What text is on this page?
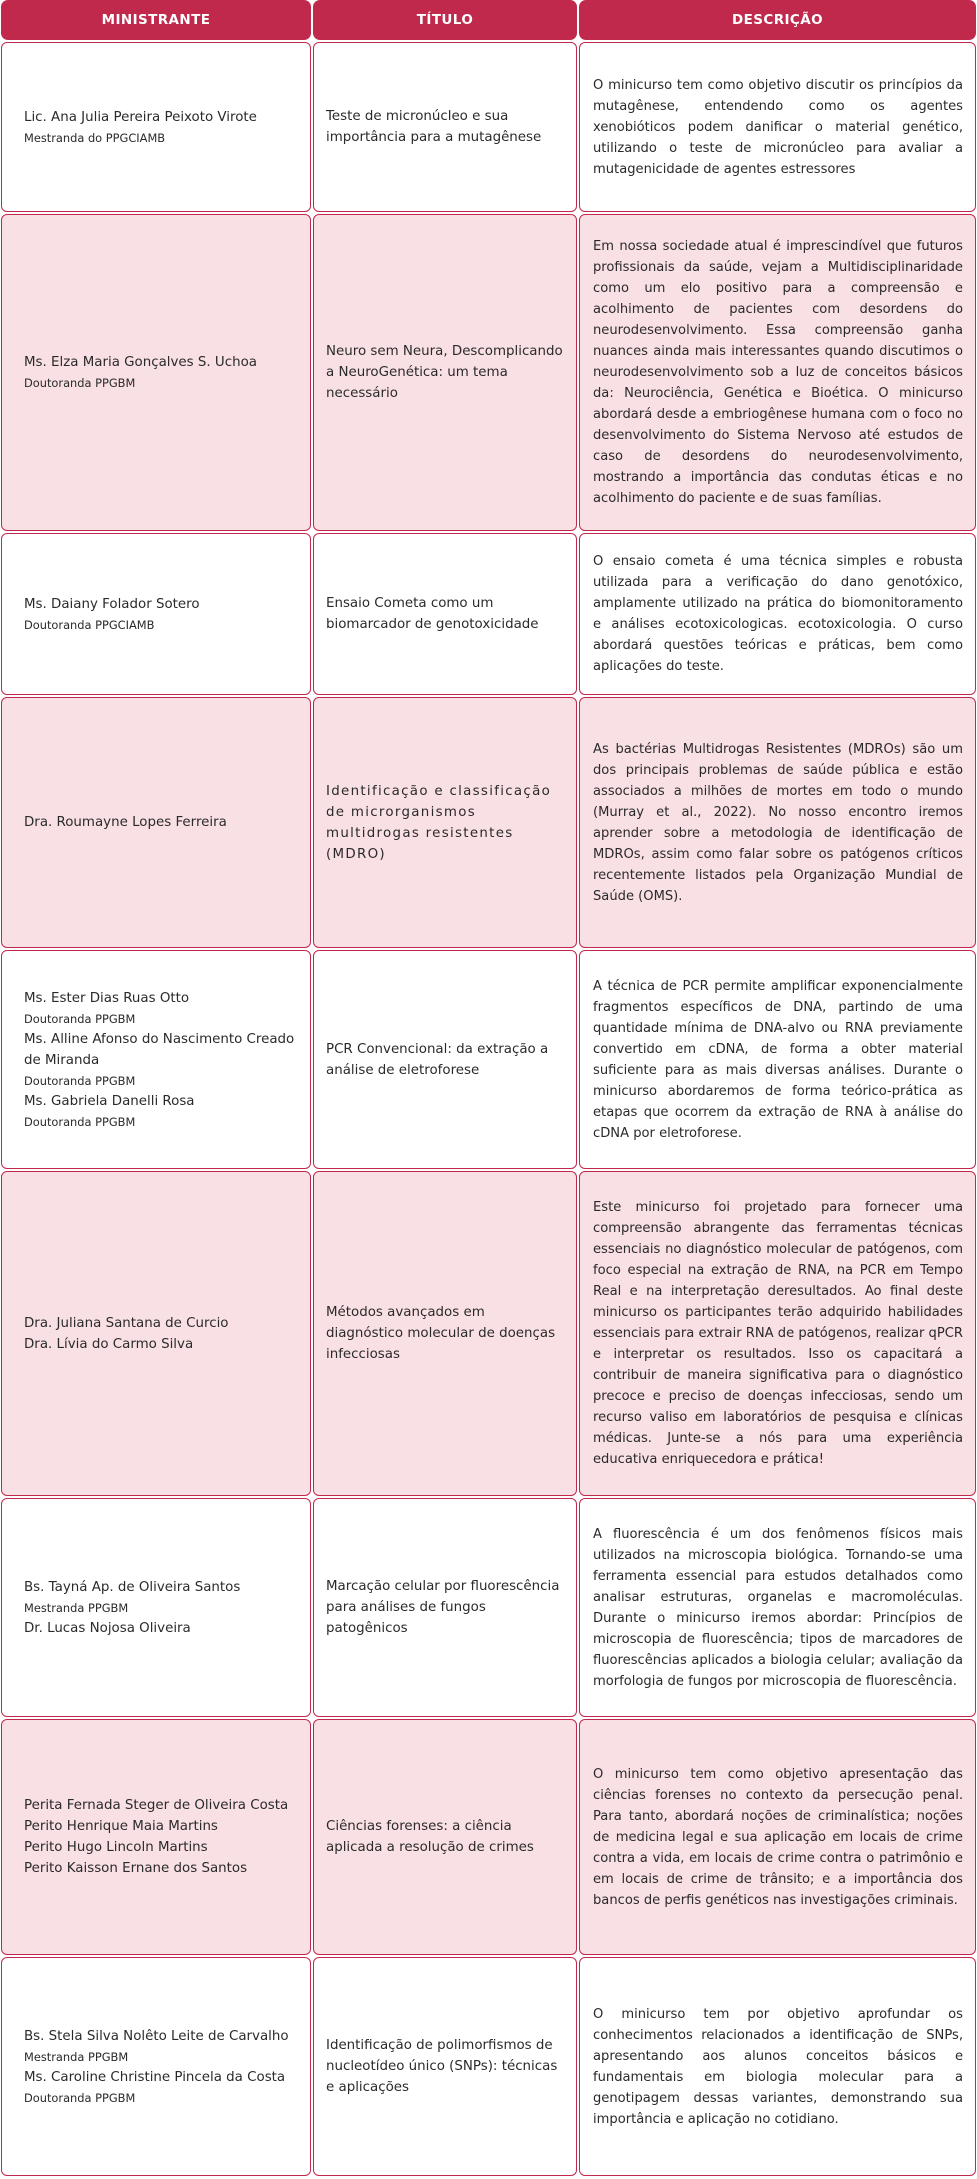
MINISTRANTE	TÍTULO	DESCRIÇÃO
Lic. Ana Julia Pereira Peixoto Virote
Mestranda do PPGCIAMB
Teste de micronúcleo e sua importância para a mutagênese
O minicurso tem como objetivo discutir os princípios da mutagênese, entendendo como os agentes xenobióticos podem danificar o material genético, utilizando o teste de micronúcleo para avaliar a mutagenicidade de agentes estressores
Ms. Elza Maria Gonçalves S. Uchoa
Doutoranda PPGBM
Neuro sem Neura, Descomplicando a NeuroGenética: um tema necessário
Em nossa sociedade atual é imprescindível que futuros profissionais da saúde, vejam a Multidisciplinaridade como um elo positivo para a compreensão e acolhimento de pacientes com desordens do neurodesenvolvimento. Essa compreensão ganha nuances ainda mais interessantes quando discutimos o neurodesenvolvimento sob a luz de conceitos básicos da: Neurociência, Genética e Bioética. O minicurso abordará desde a embriogênese humana com o foco no desenvolvimento do Sistema Nervoso até estudos de caso de desordens do neurodesenvolvimento, mostrando a importância das condutas éticas e no acolhimento do paciente e de suas famílias.
Ms. Daiany Folador Sotero
Doutoranda PPGCIAMB
Ensaio Cometa como um biomarcador de genotoxicidade
O ensaio cometa é uma técnica simples e robusta utilizada para a verificação do dano genotóxico, amplamente utilizado na prática do biomonitoramento e análises ecotoxicologicas. ecotoxicologia. O curso abordará questões teóricas e práticas, bem como aplicações do teste.
Dra. Roumayne Lopes Ferreira
Identificação e classificação de microrganismos multidrogas resistentes (MDRO)
As bactérias Multidrogas Resistentes (MDROs) são um dos principais problemas de saúde pública e estão associados a milhões de mortes em todo o mundo (Murray et al., 2022). No nosso encontro iremos aprender sobre a metodologia de identificação de MDROs, assim como falar sobre os patógenos críticos recentemente listados pela Organização Mundial de Saúde (OMS).
Ms. Ester Dias Ruas Otto
Doutoranda PPGBM
Ms. Alline Afonso do Nascimento Creado de Miranda
Doutoranda PPGBM
Ms. Gabriela Danelli Rosa
Doutoranda PPGBM
PCR Convencional: da extração a análise de eletroforese
A técnica de PCR permite amplificar exponencialmente fragmentos específicos de DNA, partindo de uma quantidade mínima de DNA-alvo ou RNA previamente convertido em cDNA, de forma a obter material suficiente para as mais diversas análises. Durante o minicurso abordaremos de forma teórico-prática as etapas que ocorrem da extração de RNA à análise do cDNA por eletroforese.
Dra. Juliana Santana de Curcio
Dra. Lívia do Carmo Silva
Métodos avançados em diagnóstico molecular de doenças infecciosas
Este minicurso foi projetado para fornecer uma compreensão abrangente das ferramentas técnicas essenciais no diagnóstico molecular de patógenos, com foco especial na extração de RNA, na PCR em Tempo Real e na interpretação deresultados. Ao final deste minicurso os participantes terão adquirido habilidades essenciais para extrair RNA de patógenos, realizar qPCR e interpretar os resultados. Isso os capacitará a contribuir de maneira significativa para o diagnóstico precoce e preciso de doenças infecciosas, sendo um recurso valiso em laboratórios de pesquisa e clínicas médicas. Junte-se a nós para uma experiência educativa enriquecedora e prática!
Bs. Tayná Ap. de Oliveira Santos
Mestranda PPGBM
Dr. Lucas Nojosa Oliveira
Marcação celular por fluorescência para análises de fungos patogênicos
A fluorescência é um dos fenômenos físicos mais utilizados na microscopia biológica. Tornando-se uma ferramenta essencial para estudos detalhados como analisar estruturas, organelas e macromoléculas. Durante o minicurso iremos abordar: Princípios de microscopia de fluorescência; tipos de marcadores de fluorescências aplicados a biologia celular; avaliação da morfologia de fungos por microscopia de fluorescência.
Perita Fernada Steger de Oliveira Costa
Perito Henrique Maia Martins
Perito Hugo Lincoln Martins
Perito Kaisson Ernane dos Santos
Ciências forenses: a ciência aplicada a resolução de crimes
O minicurso tem como objetivo apresentação das ciências forenses no contexto da persecução penal. Para tanto, abordará noções de criminalística; noções de medicina legal e sua aplicação em locais de crime contra a vida, em locais de crime contra o patrimônio e em locais de crime de trânsito; e a importância dos bancos de perfis genéticos nas investigações criminais.
Bs. Stela Silva Nolêto Leite de Carvalho
Mestranda PPGBM
Ms. Caroline Christine Pincela da Costa
Doutoranda PPGBM
Identificação de polimorfismos de nucleotídeo único (SNPs): técnicas e aplicações
O minicurso tem por objetivo aprofundar os conhecimentos relacionados a identificação de SNPs, apresentando aos alunos conceitos básicos e fundamentais em biologia molecular para a genotipagem dessas variantes, demonstrando sua importância e aplicação no cotidiano.
